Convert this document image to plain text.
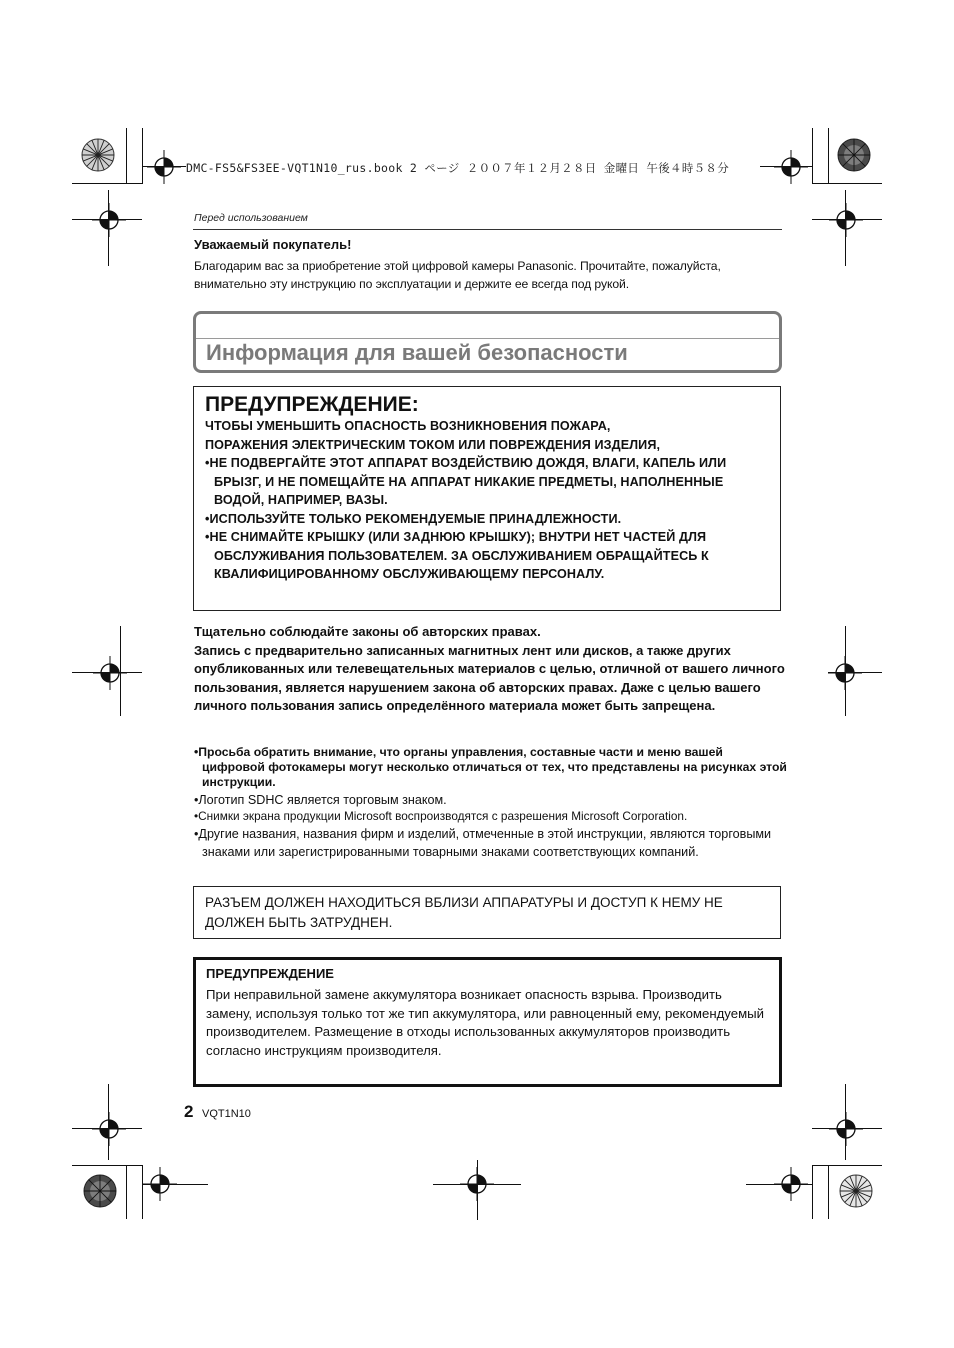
DMC-FS5&FS3EE-VQT1N10_rus.book 2 ページ ２００７年１２月２８日 金曜日 午後４時５８分
Перед использованием
Уважаемый покупатель!
Благодарим вас за приобретение этой цифровой камеры Panasonic. Прочитайте, пожалуйста,
внимательно эту инструкцию по эксплуатации и держите ее всегда под рукой.
Информация для вашей безопасности
ПРЕДУПРЕЖДЕНИЕ:
ЧТОБЫ УМЕНЬШИТЬ ОПАСНОСТЬ ВОЗНИКНОВЕНИЯ ПОЖАРА,
ПОРАЖЕНИЯ ЭЛЕКТРИЧЕСКИМ ТОКОМ ИЛИ ПОВРЕЖДЕНИЯ ИЗДЕЛИЯ,
•НЕ ПОДВЕРГАЙТЕ ЭТОТ АППАРАТ ВОЗДЕЙСТВИЮ ДОЖДЯ, ВЛАГИ, КАПЕЛЬ ИЛИ БРЫЗГ, И НЕ ПОМЕЩАЙТЕ НА АППАРАТ НИКАКИЕ ПРЕДМЕТЫ, НАПОЛНЕННЫЕ ВОДОЙ, НАПРИМЕР, ВАЗЫ.
•ИСПОЛЬЗУЙТЕ ТОЛЬКО РЕКОМЕНДУЕМЫЕ ПРИНАДЛЕЖНОСТИ.
•НЕ СНИМАЙТЕ КРЫШКУ (ИЛИ ЗАДНЮЮ КРЫШКУ); ВНУТРИ НЕТ ЧАСТЕЙ ДЛЯ ОБСЛУЖИВАНИЯ ПОЛЬЗОВАТЕЛЕМ. ЗА ОБСЛУЖИВАНИЕМ ОБРАЩАЙТЕСЬ К КВАЛИФИЦИРОВАННОМУ ОБСЛУЖИВАЮЩЕМУ ПЕРСОНАЛУ.
Тщательно соблюдайте законы об авторских правах.
Запись с предварительно записанных магнитных лент или дисков, а также других опубликованных или телевещательных материалов с целью, отличной от вашего личного пользования, является нарушением закона об авторских правах. Даже с целью вашего личного пользования запись определённого материала может быть запрещена.
•Просьба обратить внимание, что органы управления, составные части и меню вашей цифровой фотокамеры могут несколько отличаться от тех, что представлены на рисунках этой инструкции.
•Логотип SDHC является торговым знаком.
•Снимки экрана продукции Microsoft воспроизводятся с разрешения Microsoft Corporation.
•Другие названия, названия фирм и изделий, отмеченные в этой инструкции, являются торговыми знаками или зарегистрированными товарными знаками соответствующих компаний.
РАЗЪЕМ ДОЛЖЕН НАХОДИТЬСЯ ВБЛИЗИ АППАРАТУРЫ И ДОСТУП К НЕМУ НЕ ДОЛЖЕН БЫТЬ ЗАТРУДНЕН.
ПРЕДУПРЕЖДЕНИЕ
При неправильной замене аккумулятора возникает опасность взрыва. Производить замену, используя только тот же тип аккумулятора, или равноценный ему, рекомендуемый производителем. Размещение в отходы использованных аккумуляторов производить согласно инструкциям производителя.
2 VQT1N10
